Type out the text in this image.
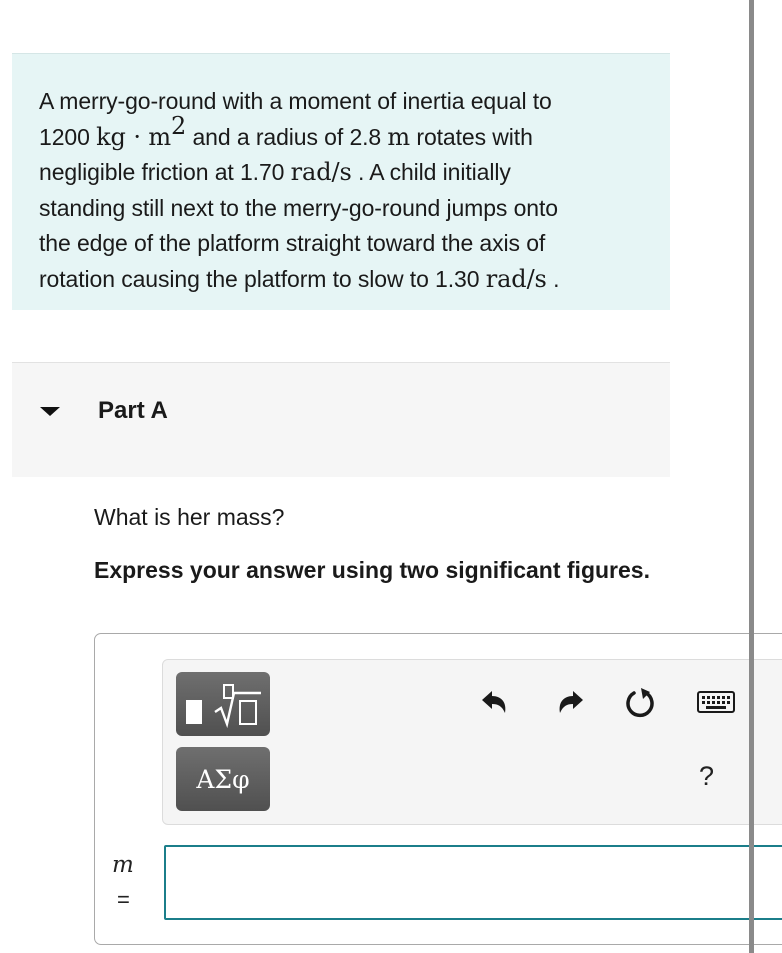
A merry-go-round with a moment of inertia equal to
1200 kg · $m^2$ and a radius of 2.8 m rotates with
negligible friction at 1.70 rad/s . A child initially
standing still next to the merry-go-round jumps onto
the edge of the platform straight toward the axis of
rotation causing the platform to slow to 1.30 rad/s .
Part A
What is her mass?
Express your answer using two significant figures.
ΑΣφ	?
m
=
